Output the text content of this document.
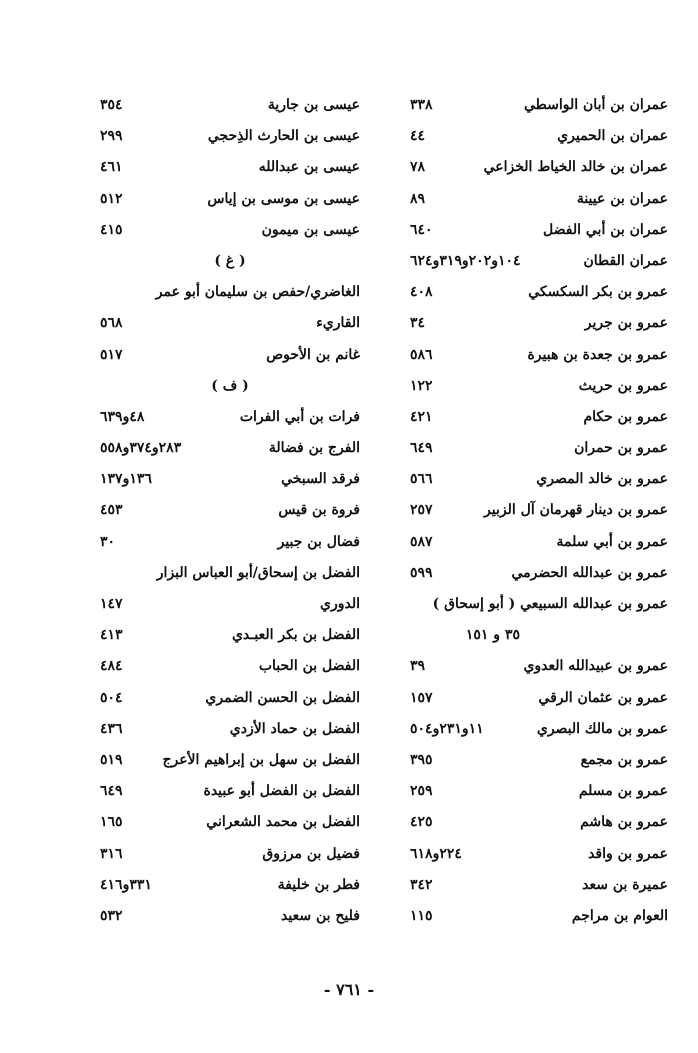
عمران بن أبان الواسطي
٣٣٨
عمران بن الحميري
٤٤
عمران بن خالد الخياط الخزاعي
٧٨
عمران بن عيينة
٨٩
عمران بن أبي الفضل
٦٤٠
عمران القطان
١٠٤و٢٠٢و٣١٩و٦٢٤
عمرو بن بكر السكسكي
٤٠٨
عمرو بن جرير
٣٤
عمرو بن جعدة بن هبيرة
٥٨٦
عمرو بن حريث
١٢٢
عمرو بن حكام
٤٢١
عمرو بن حمران
٦٤٩
عمرو بن خالد المصري
٥٦٦
عمرو بن دينار قهرمان آل الزبير
٢٥٧
عمرو بن أبي سلمة
٥٨٧
عمرو بن عبدالله الحضرمي
٥٩٩
عمرو بن عبدالله السبيعي ( أبو إسحاق )
٣٥ و ١٥١
عمرو بن عبيدالله العدوي
٣٩
عمرو بن عثمان الرقي
١٥٧
عمرو بن مالك البصري
١١و٢٣١و٥٠٤
عمرو بن مجمع
٣٩٥
عمرو بن مسلم
٢٥٩
عمرو بن هاشم
٤٢٥
عمرو بن واقد
٢٢٤و٦١٨
عميرة بن سعد
٣٤٢
العوام بن مراجم
١١٥
عيسى بن جارية
٣٥٤
عيسى بن الحارث الذِحجي
٢٩٩
عيسى بن عبدالله
٤٦١
عيسى بن موسى بن إياس
٥١٢
عيسى بن ميمون
٤١٥
( غ )
الغاضري/حفص بن سليمان أبو عمر
القاريء
٥٦٨
غانم بن الأحوص
٥١٧
( ف )
فرات بن أبي الفرات
٤٨و٦٣٩
الفرج بن فضالة
٢٨٣و٣٧٤و٥٥٨
فرقد السبخي
١٣٦و١٣٧
فروة بن قيس
٤٥٣
فضال بن جبير
٣٠
الفضل بن إسحاق/أبو العباس البزار
الدوري
١٤٧
الفضل بن بكر العبـدي
٤١٣
الفضل بن الحباب
٤٨٤
الفضل بن الحسن الضمري
٥٠٤
الفضل بن حماد الأزدي
٤٣٦
الفضل بن سهل بن إبراهيم الأعرج
٥١٩
الفضل بن الفضل أبو عبيدة
٦٤٩
الفضل بن محمد الشعراني
١٦٥
فضيل بن مرزوق
٣١٦
فطر بن خليفة
٣٣١و٤١٦
فليح بن سعيد
٥٣٢
- ٧٦١ -
